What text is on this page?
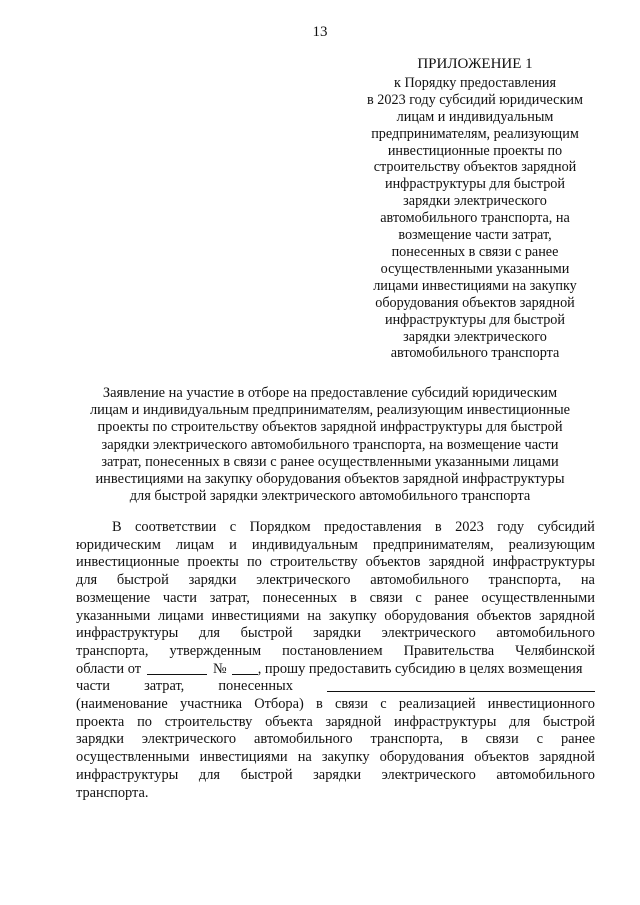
13
ПРИЛОЖЕНИЕ 1
к Порядку предоставления
в 2023 году субсидий юридическим
лицам и индивидуальным
предпринимателям, реализующим
инвестиционные проекты по
строительству объектов зарядной
инфраструктуры для быстрой
зарядки электрического
автомобильного транспорта, на
возмещение части затрат,
понесенных в связи с ранее
осуществленными указанными
лицами инвестициями на закупку
оборудования объектов зарядной
инфраструктуры для быстрой
зарядки электрического
автомобильного транспорта
Заявление на участие в отборе на предоставление субсидий юридическим
лицам и индивидуальным предпринимателям, реализующим инвестиционные
проекты по строительству объектов зарядной инфраструктуры для быстрой
зарядки электрического автомобильного транспорта, на возмещение части
затрат, понесенных в связи с ранее осуществленными указанными лицами
инвестициями на закупку оборудования объектов зарядной инфраструктуры
для быстрой зарядки электрического автомобильного транспорта
В соответствии с Порядком предоставления в 2023 году субсидий
юридическим лицам и индивидуальным предпринимателям, реализующим
инвестиционные проекты по строительству объектов зарядной инфраструктуры
для быстрой зарядки электрического автомобильного транспорта, на
возмещение части затрат, понесенных в связи с ранее осуществленными
указанными лицами инвестициями на закупку оборудования объектов зарядной
инфраструктуры для быстрой зарядки электрического автомобильного
транспорта, утвержденным постановлением Правительства Челябинской
области от	№ , прошу предоставить субсидию в целях возмещения
части затрат, понесенных
(наименование участника Отбора) в связи с реализацией инвестиционного
проекта по строительству объекта зарядной инфраструктуры для быстрой
зарядки электрического автомобильного транспорта, в связи с ранее
осуществленными инвестициями на закупку оборудования объектов зарядной
инфраструктуры для быстрой зарядки электрического автомобильного
транспорта.
